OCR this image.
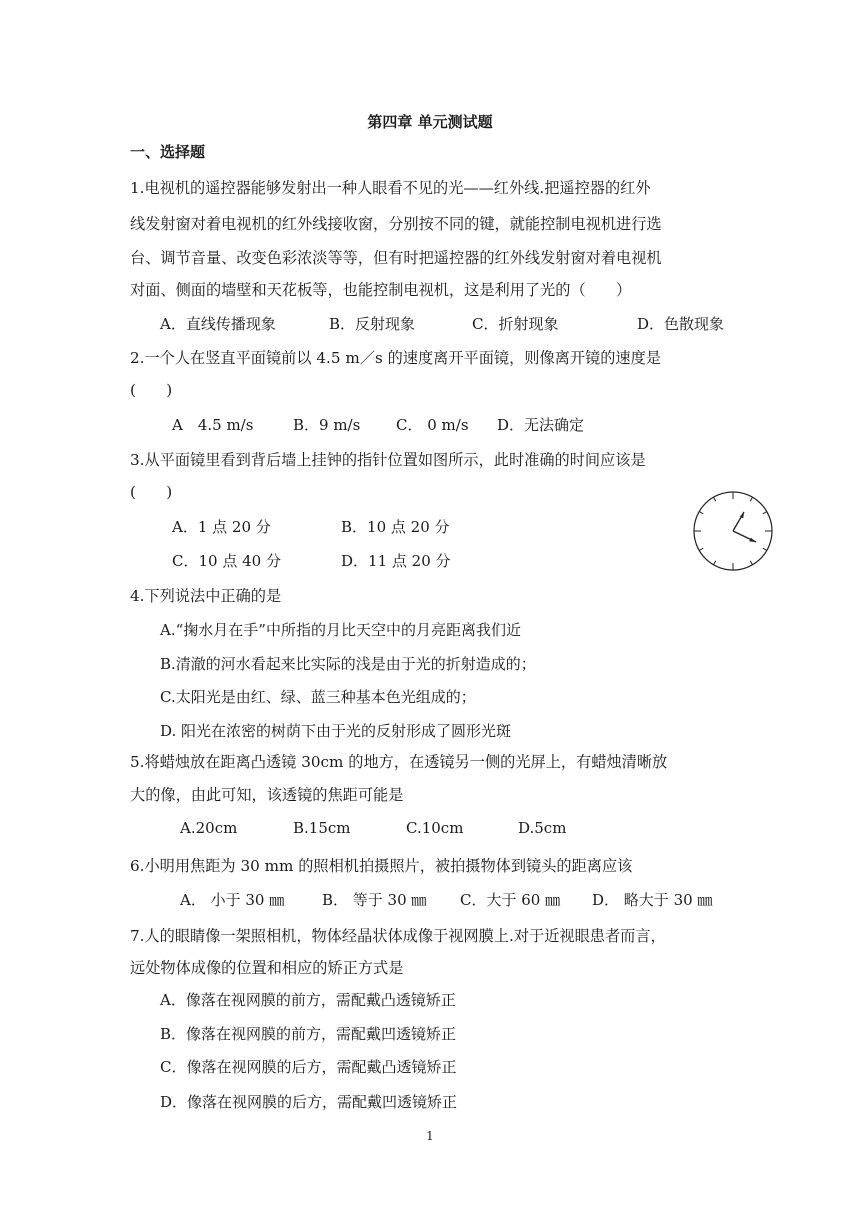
第四章 单元测试题
一、选择题
1.电视机的遥控器能够发射出一种人眼看不见的光——红外线.把遥控器的红外
线发射窗对着电视机的红外线接收窗，分别按不同的键，就能控制电视机进行选
台、调节音量、改变色彩浓淡等等，但有时把遥控器的红外线发射窗对着电视机
对面、侧面的墙壁和天花板等，也能控制电视机，这是利用了光的（　　）
A．直线传播现象	B．反射现象	C．折射现象	D．色散现象
2.一个人在竖直平面镜前以 4.5 m／s 的速度离开平面镜，则像离开镜的速度是
(　　)
A　4.5 m/s	B．9 m/s C． 0 m/s D．无法确定
3.从平面镜里看到背后墙上挂钟的指针位置如图所示，此时准确的时间应该是
(　　)
A．1 点 20 分	B．10 点 20 分
C．10 点 40 分	D．11 点 20 分
4.下列说法中正确的是
A.“掬水月在手”中所指的月比天空中的月亮距离我们近
B.清澈的河水看起来比实际的浅是由于光的折射造成的；
C.太阳光是由红、绿、蓝三种基本色光组成的；
D. 阳光在浓密的树荫下由于光的反射形成了圆形光斑
5.将蜡烛放在距离凸透镜 30cm 的地方，在透镜另一侧的光屏上，有蜡烛清晰放
大的像，由此可知，该透镜的焦距可能是
A.20cm	B.15cm	C.10cm	D.5cm
6.小明用焦距为 30 mm 的照相机拍摄照片，被拍摄物体到镜头的距离应该
A． 小于 30 ㎜	B． 等于 30 ㎜ C．大于 60 ㎜ D． 略大于 30 ㎜
7.人的眼睛像一架照相机，物体经晶状体成像于视网膜上.对于近视眼患者而言，
远处物体成像的位置和相应的矫正方式是
A．像落在视网膜的前方，需配戴凸透镜矫正
B．像落在视网膜的前方，需配戴凹透镜矫正
C．像落在视网膜的后方，需配戴凸透镜矫正
D．像落在视网膜的后方，需配戴凹透镜矫正
1
